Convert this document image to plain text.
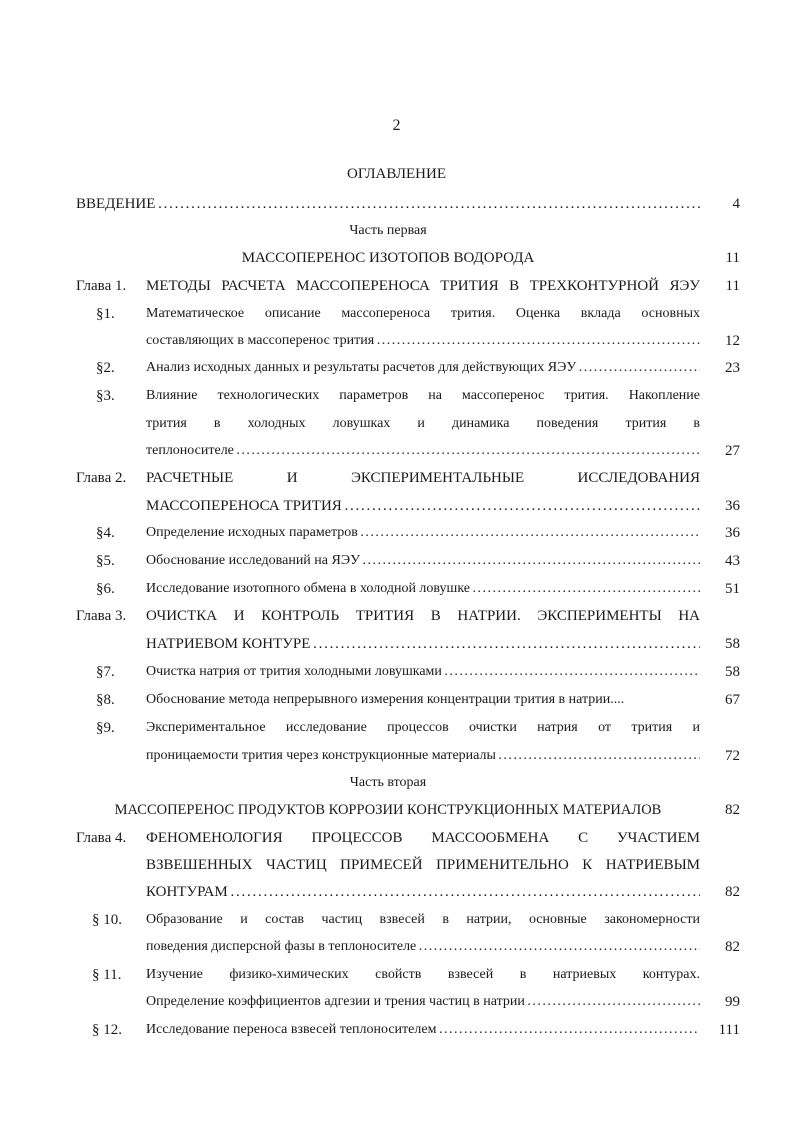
2
ОГЛАВЛЕНИЕ
ВВЕДЕНИЕ . . .	4
Часть первая
МАССОПЕРЕНОС ИЗОТОПОВ ВОДОРОДА	11
Глава 1. МЕТОДЫ РАСЧЕТА МАССОПЕРЕНОСА ТРИТИЯ В ТРЕХКОНТУРНОЙ ЯЭУ	11
§1. Математическое описание массопереноса трития. Оценка вклада основных
составляющих в массоперенос трития . . .	12
§2. Анализ исходных данных и результаты расчетов для действующих ЯЭУ . . .	23
§3. Влияние технологических параметров на массоперенос трития. Накопление
трития в холодных ловушках и динамика поведения трития в
теплоносителе . . .	27
Глава 2. РАСЧЕТНЫЕ И ЭКСПЕРИМЕНТАЛЬНЫЕ ИССЛЕДОВАНИЯ
МАССОПЕРЕНОСА ТРИТИЯ . . .	36
§4. Определение исходных параметров . . .	36
§5. Обоснование исследований на ЯЭУ . . .	43
§6. Исследование изотопного обмена в холодной ловушке . . .	51
Глава 3. ОЧИСТКА И КОНТРОЛЬ ТРИТИЯ В НАТРИИ. ЭКСПЕРИМЕНТЫ НА
НАТРИЕВОМ КОНТУРЕ . . .	58
§7. Очистка натрия от трития холодными ловушками . . .	58
§8. Обоснование метода непрерывного измерения концентрации трития в натрии....	67
§9. Экспериментальное исследование процессов очистки натрия от трития и
проницаемости трития через конструкционные материалы . . .	72
Часть вторая
МАССОПЕРЕНОС ПРОДУКТОВ КОРРОЗИИ КОНСТРУКЦИОННЫХ МАТЕРИАЛОВ	82
Глава 4. ФЕНОМЕНОЛОГИЯ ПРОЦЕССОВ МАССООБМЕНА С УЧАСТИЕМ
ВЗВЕШЕННЫХ ЧАСТИЦ ПРИМЕСЕЙ ПРИМЕНИТЕЛЬНО К НАТРИЕВЫМ
КОНТУРАМ . . .	82
§ 10. Образование и состав частиц взвесей в натрии, основные закономерности
поведения дисперсной фазы в теплоносителе . . .	82
§ 11. Изучение физико-химических свойств взвесей в натриевых контурах.
Определение коэффициентов адгезии и трения частиц в натрии . . .	99
§ 12. Исследование переноса взвесей теплоносителем . . .	111
